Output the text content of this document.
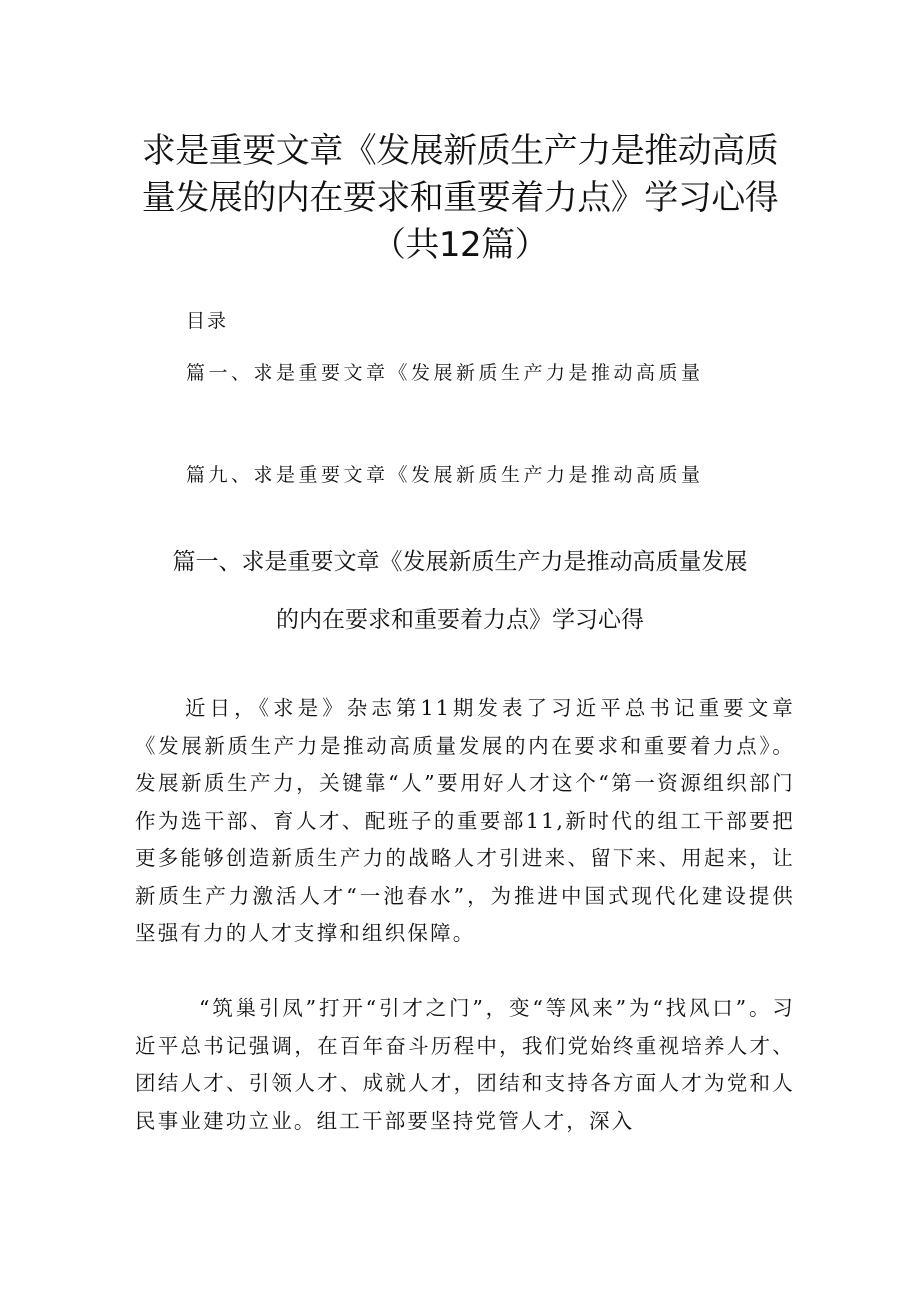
求是重要文章《发展新质生产力是推动高质
量发展的内在要求和重要着力点》学习心得
（共12篇）
目录
篇一、求是重要文章《发展新质生产力是推动高质量
篇九、求是重要文章《发展新质生产力是推动高质量
篇一、求是重要文章《发展新质生产力是推动高质量发展
的内在要求和重要着力点》学习心得

近日，《求是》杂志第11期发表了习近平总书记重要文章《发展新质生产力是推动高质量发展的内在要求和重要着力点》。发展新质生产力，关键靠“人”要用好人才这个“第一资源组织部门作为选干部、育人才、配班子的重要部11,新时代的组工干部要把更多能够创造新质生产力的战略人才引进来、留下来、用起来，让新质生产力激活人才“一池春水”，为推进中国式现代化建设提供坚强有力的人才支撑和组织保障。

“筑巢引凤”打开“引才之门”，变“等风来”为“找风口”。习近平总书记强调，在百年奋斗历程中，我们党始终重视培养人才、团结人才、引领人才、成就人才，团结和支持各方面人才为党和人民事业建功立业。组工干部要坚持党管人才，深入
